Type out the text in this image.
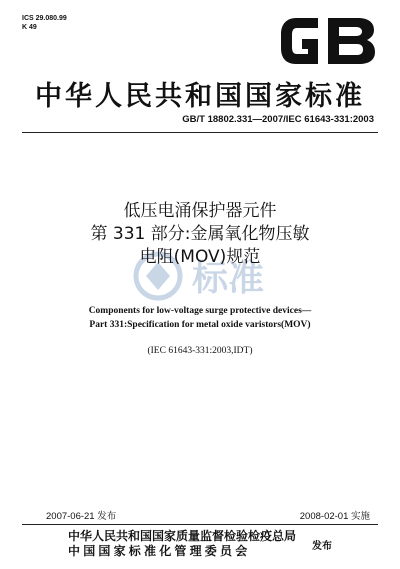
ICS 29.080.99
K 49
GB
中华人民共和国国家标准
GB/T 18802.331—2007/IEC 61643-331:2003
标准
低压电涌保护器元件
第 331 部分:金属氧化物压敏
电阻(MOV)规范
Components for low-voltage surge protective devices—
Part 331:Specification for metal oxide varistors(MOV)
(IEC 61643-331:2003,IDT)
2007-06-21 发布	2008-02-01 实施
中华人民共和国国家质量监督检验检疫总局
中国国家标准化管理委员会	发布
